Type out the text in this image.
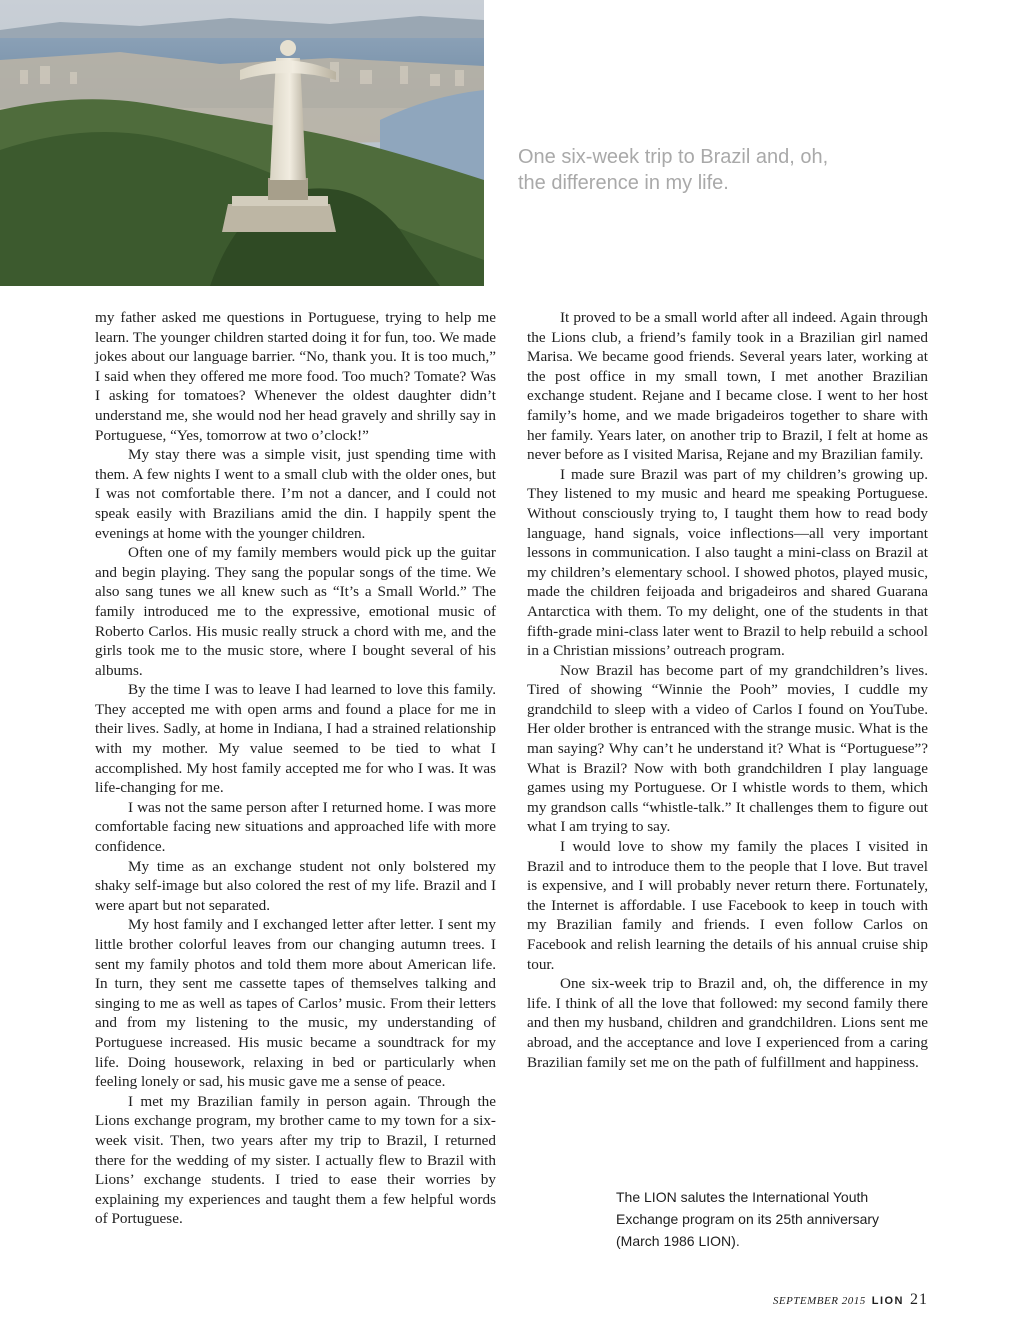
One six-week trip to Brazil and, oh, the difference in my life.

my father asked me questions in Portuguese, trying to help me learn. The younger children started doing it for fun, too. We made jokes about our language barrier. “No, thank you. It is too much,” I said when they offered me more food. Too much? Tomate? Was I asking for tomatoes? Whenever the oldest daughter didn’t understand me, she would nod her head gravely and shrilly say in Portuguese, “Yes, tomorrow at two o’clock!”

My stay there was a simple visit, just spending time with them. A few nights I went to a small club with the older ones, but I was not comfortable there. I’m not a dancer, and I could not speak easily with Brazilians amid the din. I happily spent the evenings at home with the younger children.

Often one of my family members would pick up the guitar and begin playing. They sang the popular songs of the time. We also sang tunes we all knew such as “It’s a Small World.” The family introduced me to the expressive, emotional music of Roberto Carlos. His music really struck a chord with me, and the girls took me to the music store, where I bought several of his albums.

By the time I was to leave I had learned to love this family. They accepted me with open arms and found a place for me in their lives. Sadly, at home in Indiana, I had a strained relationship with my mother. My value seemed to be tied to what I accomplished. My host family accepted me for who I was. It was life-changing for me.

I was not the same person after I returned home. I was more comfortable facing new situations and approached life with more confidence.

My time as an exchange student not only bolstered my shaky self-image but also colored the rest of my life. Brazil and I were apart but not separated.

My host family and I exchanged letter after letter. I sent my little brother colorful leaves from our changing autumn trees. I sent my family photos and told them more about American life. In turn, they sent me cassette tapes of themselves talking and singing to me as well as tapes of Carlos’ music. From their letters and from my listening to the music, my understanding of Portuguese increased. His music became a soundtrack for my life. Doing housework, relaxing in bed or particularly when feeling lonely or sad, his music gave me a sense of peace.

I met my Brazilian family in person again. Through the Lions exchange program, my brother came to my town for a six-week visit. Then, two years after my trip to Brazil, I returned there for the wedding of my sister. I actually flew to Brazil with Lions’ exchange students. I tried to ease their worries by explaining my experiences and taught them a few helpful words of Portuguese.

It proved to be a small world after all indeed. Again through the Lions club, a friend’s family took in a Brazilian girl named Marisa. We became good friends. Several years later, working at the post office in my small town, I met another Brazilian exchange student. Rejane and I became close. I went to her host family’s home, and we made brigadeiros together to share with her family. Years later, on another trip to Brazil, I felt at home as never before as I visited Marisa, Rejane and my Brazilian family.

I made sure Brazil was part of my children’s growing up. They listened to my music and heard me speaking Portuguese. Without consciously trying to, I taught them how to read body language, hand signals, voice inflections—all very important lessons in communication. I also taught a mini-class on Brazil at my children’s elementary school. I showed photos, played music, made the children feijoada and brigadeiros and shared Guarana Antarctica with them. To my delight, one of the students in that fifth-grade mini-class later went to Brazil to help rebuild a school in a Christian missions’ outreach program.

Now Brazil has become part of my grandchildren’s lives. Tired of showing “Winnie the Pooh” movies, I cuddle my grandchild to sleep with a video of Carlos I found on YouTube. Her older brother is entranced with the strange music. What is the man saying? Why can’t he understand it? What is “Portuguese”? What is Brazil? Now with both grandchildren I play language games using my Portuguese. Or I whistle words to them, which my grandson calls “whistle-talk.” It challenges them to figure out what I am trying to say.

I would love to show my family the places I visited in Brazil and to introduce them to the people that I love. But travel is expensive, and I will probably never return there. Fortunately, the Internet is affordable. I use Facebook to keep in touch with my Brazilian family and friends. I even follow Carlos on Facebook and relish learning the details of his annual cruise ship tour.

One six-week trip to Brazil and, oh, the difference in my life. I think of all the love that followed: my second family there and then my husband, children and grandchildren. Lions sent me abroad, and the acceptance and love I experienced from a caring Brazilian family set me on the path of fulfillment and happiness.

The LION salutes the International Youth Exchange program on its 25th anniversary (March 1986 LION).

SEPTEMBER 2015 LION 21
